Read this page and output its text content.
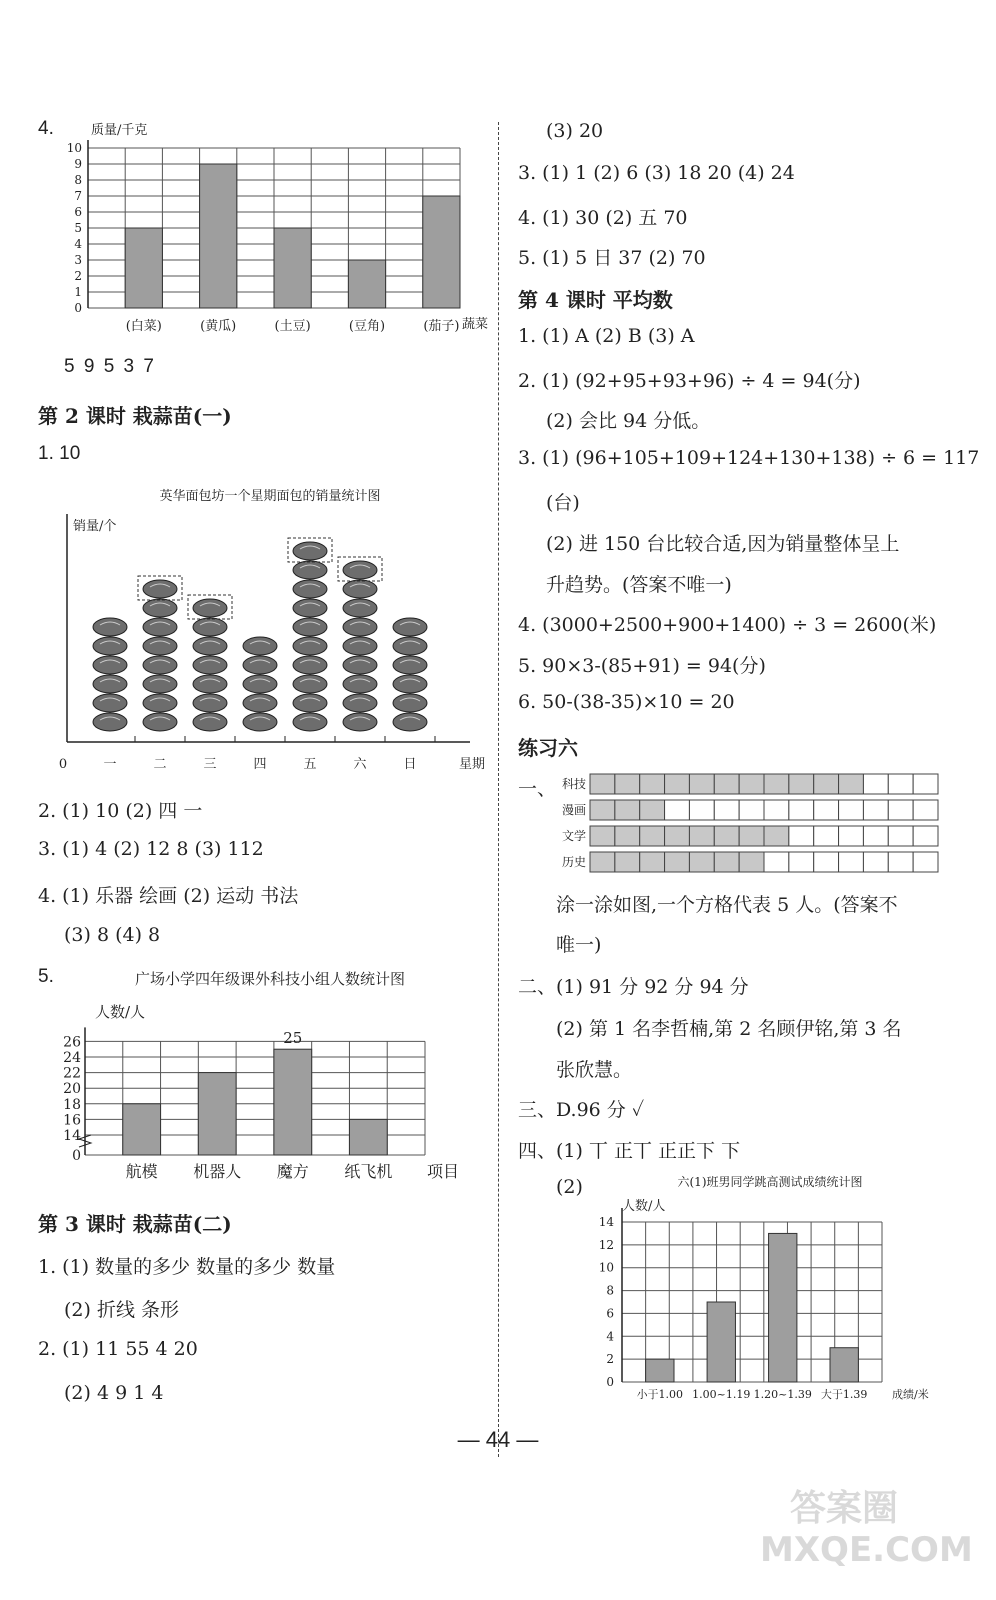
4.	质量/千克
0
1
2
3
4
5
6
7
8
9
10
(白菜)	(黄瓜)	(土豆)	(豆角)	(茄子) 蔬菜
5 9 5 3 7
第 2 课时 栽蒜苗(一)
1. 10
英华面包坊一个星期面包的销量统计图
销量/个
0	一	二	三	四	五	六	日	星期
2. (1) 10 (2) 四 一
3. (1) 4 (2) 12 8 (3) 112
4. (1) 乐器 绘画 (2) 运动 书法
(3) 8 (4) 8
5.	广场小学四年级课外科技小组人数统计图
人数/人
0
14
16
18
20
22
24
26
航模 机器人 魔方
25
纸飞机 项目
第 3 课时 栽蒜苗(二)
1. (1) 数量的多少 数量的多少 数量
(2) 折线 条形
2. (1) 11 55 4 20
(2) 4 9 1 4
(3) 20
3. (1) 1 (2) 6 (3) 18 20 (4) 24
4. (1) 30 (2) 五 70
5. (1) 5 日 37 (2) 70
第 4 课时 平均数
1. (1) A (2) B (3) A
2. (1) (92+95+93+96) ÷ 4 = 94(分)
(2) 会比 94 分低。
3. (1) (96+105+109+124+130+138) ÷ 6 = 117
(台)
(2) 进 150 台比较合适,因为销量整体呈上
升趋势。(答案不唯一)
4. (3000+2500+900+1400) ÷ 3 = 2600(米)
5. 90×3-(85+91) = 94(分)
6. 50-(38-35)×10 = 20
练习六
一、 科技
漫画
文学
历史
涂一涂如图,一个方格代表 5 人。(答案不
唯一)
二、(1) 91 分 92 分 94 分
(2) 第 1 名李哲楠,第 2 名顾伊铭,第 3 名
张欣慧。
三、D.96 分 ✓
四、(1) 丅 正丅 正正下 下
(2)	六(1)班男同学跳高测试成绩统计图
人数/人
0
2
4
6
8
10
12
14
小于1.00 1.00~1.19 1.20~1.39 大于1.39 成绩/米
— 44 —
答案圈
MXQE.COM
